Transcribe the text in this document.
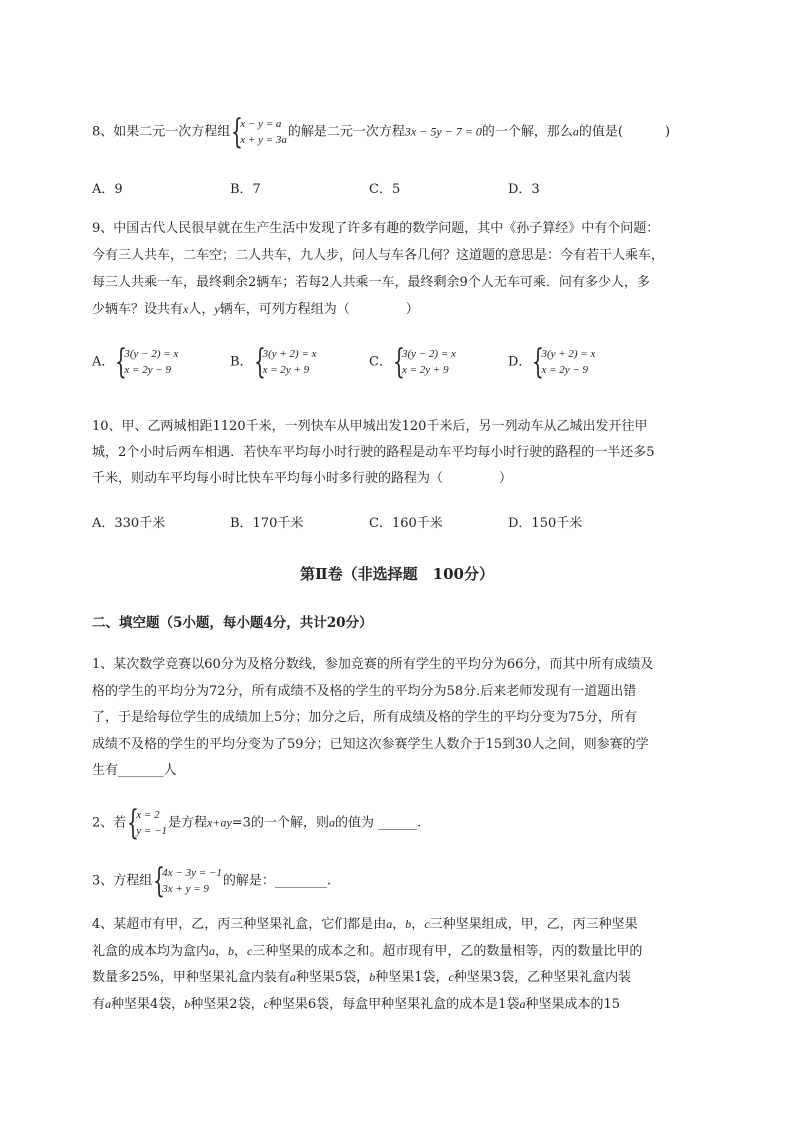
8、如果二元一次方程组 {
x − y = a
x + y = 3a
的解是二元一次方程3x − 5y − 7 = 0的一个解，那么a的值是(	)
A．9	B．7	C．5	D．3
9、中国古代人民很早就在生产生活中发现了许多有趣的数学问题，其中《孙子算经》中有个问题：
今有三人共车，二车空；二人共车，九人步，问人与车各几何？这道题的意思是：今有若干人乘车，
每三人共乘一车，最终剩余2辆车；若每2人共乘一车，最终剩余9个人无车可乘．问有多少人，多
少辆车？设共有x人，y辆车，可列方程组为（	）
A． {
3(y − 2) = x
x = 2y − 9
B． {
3(y + 2) = x
x = 2y + 9
C． {
3(y − 2) = x
x = 2y + 9
D． {
3(y + 2) = x
x = 2y − 9
10、甲、乙两城相距1120千米，一列快车从甲城出发120千米后，另一列动车从乙城出发开往甲
城，2个小时后两车相遇．若快车平均每小时行驶的路程是动车平均每小时行驶的路程的一半还多5
千米，则动车平均每小时比快车平均每小时多行驶的路程为（	）
A．330千米	B．170千米	C．160千米	D．150千米
第Ⅱ卷（非选择题　100分）
二、填空题（5小题，每小题4分，共计20分）
1、某次数学竞赛以60分为及格分数线，参加竞赛的所有学生的平均分为66分，而其中所有成绩及
格的学生的平均分为72分，所有成绩不及格的学生的平均分为58分.后来老师发现有一道题出错
了，于是给每位学生的成绩加上5分；加分之后，所有成绩及格的学生的平均分变为75分，所有
成绩不及格的学生的平均分变为了59分；已知这次参赛学生人数介于15到30人之间，则参赛的学
生有_______人
2、若 {
x = 2
y = −1
是方程x+ay=3的一个解，则a的值为 ______.
3、方程组 {
4x − 3y = −1
3x + y = 9
的解是：________.
4、某超市有甲，乙，丙三种坚果礼盒，它们都是由a，b，c三种坚果组成，甲，乙，丙三种坚果
礼盒的成本均为盒内a，b，c三种坚果的成本之和。超市现有甲，乙的数量相等，丙的数量比甲的
数量多25%，甲种坚果礼盒内装有a种坚果5袋，b种坚果1袋，c种坚果3袋，乙种坚果礼盒内装
有a种坚果4袋，b种坚果2袋，c种坚果6袋，每盒甲种坚果礼盒的成本是1袋a种坚果成本的15
